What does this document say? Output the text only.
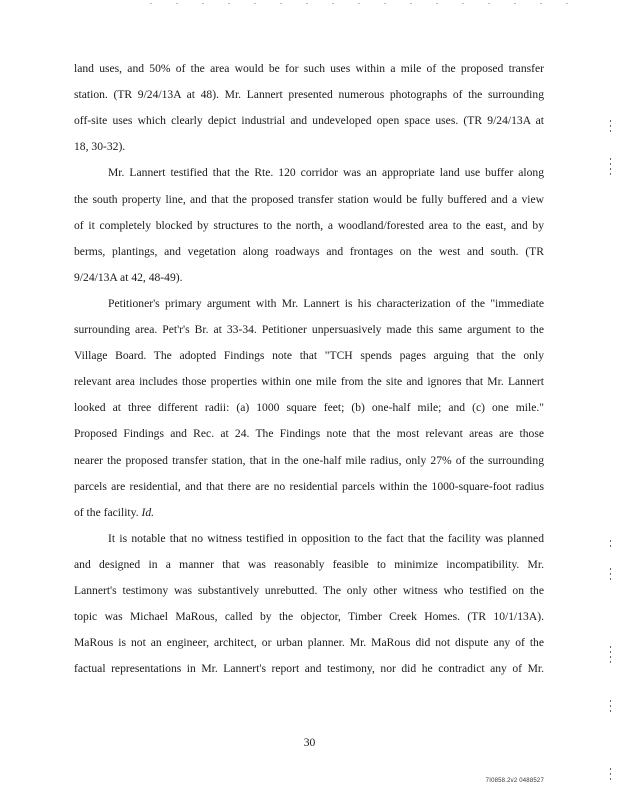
land uses, and 50% of the area would be for such uses within a mile of the proposed transfer
station. (TR 9/24/13A at 48). Mr. Lannert presented numerous photographs of the surrounding
off-site uses which clearly depict industrial and undeveloped open space uses. (TR 9/24/13A at
18, 30-32).
Mr. Lannert testified that the Rte. 120 corridor was an appropriate land use buffer along
the south property line, and that the proposed transfer station would be fully buffered and a view
of it completely blocked by structures to the north, a woodland/forested area to the east, and by
berms, plantings, and vegetation along roadways and frontages on the west and south. (TR
9/24/13A at 42, 48-49).
Petitioner's primary argument with Mr. Lannert is his characterization of the "immediate
surrounding area. Pet'r's Br. at 33-34. Petitioner unpersuasively made this same argument to the
Village Board. The adopted Findings note that "TCH spends pages arguing that the only
relevant area includes those properties within one mile from the site and ignores that Mr. Lannert
looked at three different radii: (a) 1000 square feet; (b) one-half mile; and (c) one mile."
Proposed Findings and Rec. at 24. The Findings note that the most relevant areas are those
nearer the proposed transfer station, that in the one-half mile radius, only 27% of the surrounding
parcels are residential, and that there are no residential parcels within the 1000-square-foot radius
of the facility. Id.
It is notable that no witness testified in opposition to the fact that the facility was planned
and designed in a manner that was reasonably feasible to minimize incompatibility. Mr.
Lannert's testimony was substantively unrebutted. The only other witness who testified on the
topic was Michael MaRous, called by the objector, Timber Creek Homes. (TR 10/1/13A).
MaRous is not an engineer, architect, or urban planner. Mr. MaRous did not dispute any of the
factual representations in Mr. Lannert's report and testimony, nor did he contradict any of Mr.
30
7I0858.2v2 0488527
